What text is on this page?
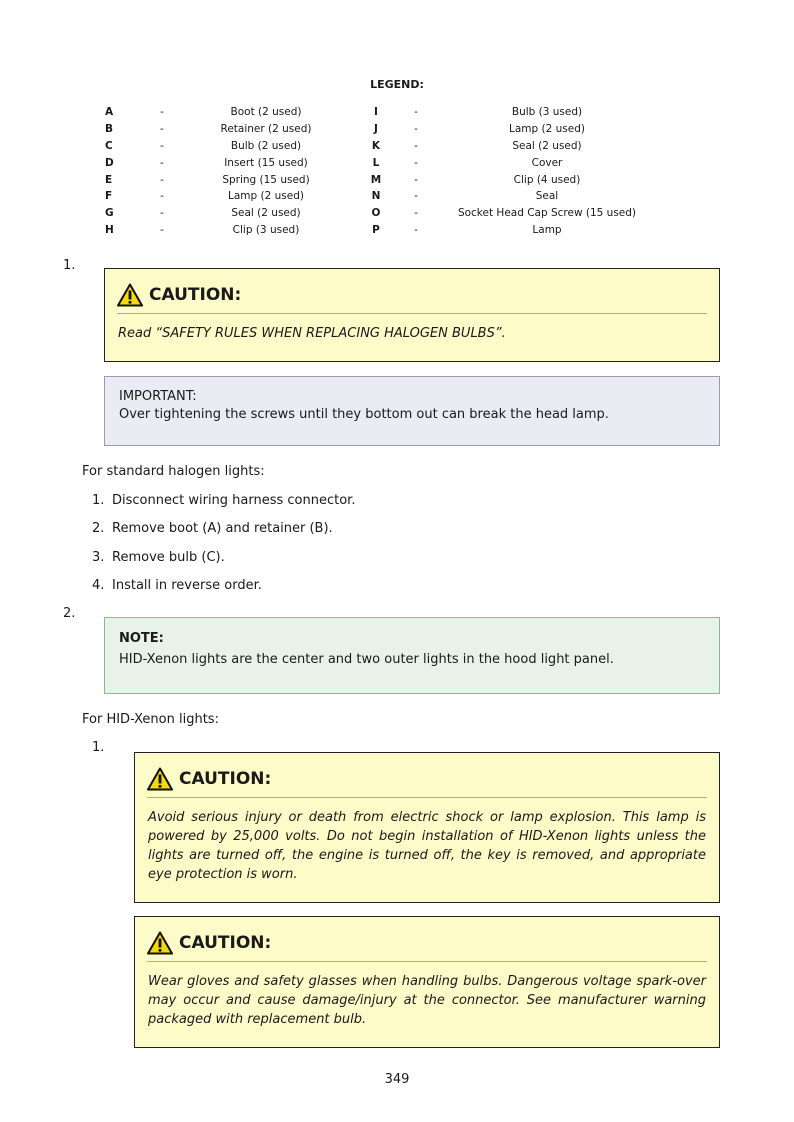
LEGEND:
A	-	Boot (2 used)	I	-	Bulb (3 used)
B	-	Retainer (2 used)	J	-	Lamp (2 used)
C	-	Bulb (2 used)	K	-	Seal (2 used)
D	-	Insert (15 used)	L	-	Cover
E	-	Spring (15 used)	M	-	Clip (4 used)
F	-	Lamp (2 used)	N	-	Seal
G	-	Seal (2 used)	O	-	Socket Head Cap Screw (15 used)
H	-	Clip (3 used)	P	-	Lamp
1.
CAUTION:
Read “SAFETY RULES WHEN REPLACING HALOGEN BULBS”.
IMPORTANT:
Over tightening the screws until they bottom out can break the head lamp.
For standard halogen lights:
1. Disconnect wiring harness connector.
2. Remove boot (A) and retainer (B).
3. Remove bulb (C).
4. Install in reverse order.
2.
NOTE:
HID-Xenon lights are the center and two outer lights in the hood light panel.
For HID-Xenon lights:
1.
CAUTION:
Avoid serious injury or death from electric shock or lamp explosion. This lamp is powered by 25,000 volts. Do not begin installation of HID-Xenon lights unless the lights are turned off, the engine is turned off, the key is removed, and appropriate eye protection is worn.
CAUTION:
Wear gloves and safety glasses when handling bulbs. Dangerous voltage spark-over may occur and cause damage/injury at the connector. See manufacturer warning packaged with replacement bulb.
349
